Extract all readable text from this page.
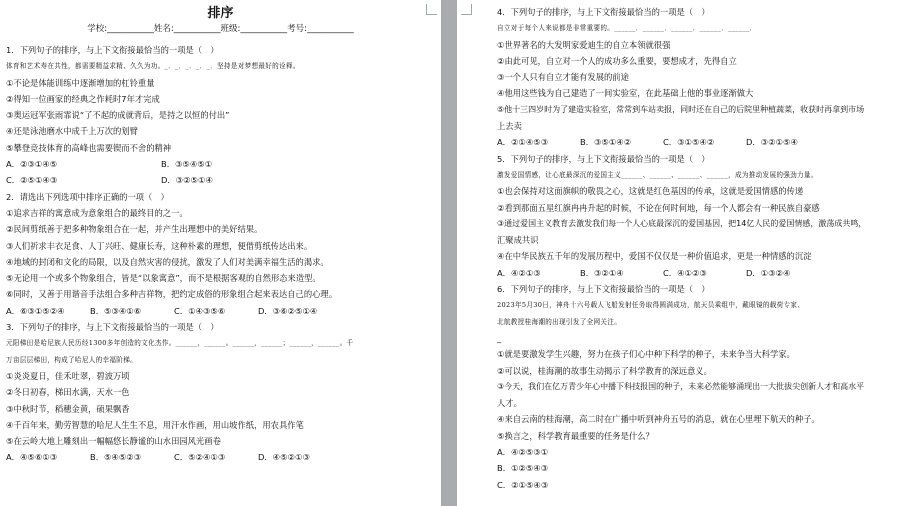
排序
学校:___________姓名:___________班级:___________考号:___________
1．下列句子的排序，与上下文衔接最恰当的一项是（　）
体育和艺术寿在共性，都需要精益求精、久久为功。_．_．_．_．_．坚持是对梦想最好的诠释。
①不论是体能训练中逐渐增加的杠铃重量
②得知一位画家的经典之作耗时7年才完成
③奥运冠军张雨霏说“了不起的成就背后，是持之以恒的付出”
④还是泳池磨水中成千上万次的划臂
⑤攀登竞技体育的高峰也需要锲而不舍的精神
A．②③①④⑤	B．③⑤④⑤①
C．②⑤①④③	D．③②⑤①④
2．请选出下列选项中排序正确的一项（　）
①追求吉祥的寓意成为意象组合的最终目的之一。
②民间剪纸善于把多种物象组合在一起，并产生出理想中的美好结果。
③人们祈求丰衣足食、人丁兴旺、健康长寿，这种朴素的理想，便借剪纸传达出来。
④地域的封闭和文化的局限，以及自然灾害的侵扰，激发了人们对美满幸福生活的渴求。
⑤无论用一个或多个物象组合，皆是“以象寓意”，而不是根据客观的自然形态来造型。
⑥同时，又善于用谐音手法组合多种吉祥物，把约定成俗的形象组合起来表达自己的心理。
A．⑥③①⑤②④	B．⑤③④①⑥	C．①④③⑤⑥	D．③⑥②⑤①④
3．下列句子的排序，与上下文衔接最恰当的一项是（　）
元阳梯田是哈尼族人民历经1300多年创造的文化杰作。______，______。______，______；______，______。千
万亩层层梯田，构成了哈尼人的幸福阶梯。
①炎炎夏日，佳禾吐翠，碧波万顷
②冬日初春，梯田水满，天水一色
③中秋时节，稻穗金黄，硕果飘香
④千百年来，勤劳智慧的哈尼人生生不息，用汗水作画，用山坡作纸，用农具作笔
⑤在云岭大地上雕刻出一幅幅悠长静谧的山水田园风光画卷
A．④⑤⑥①③	B．⑤④⑤②③	C．⑤②④①③	D．④⑤②①③
4．下列句子的排序，与上下文衔接最恰当的一项是（　）
自立对于每个人来说都是非常重要的。______．______．______．______．______．
①世界著名的大发明家爱迪生的自立本领就很强
②由此可见，自立对一个人的成功多么重要，要想成才，先得自立
③一个人只有自立才能有发展的前途
④他用这些钱为自己建造了一间实验室，在此基础上他的事业逐渐做大
⑤他十三四岁时为了建造实验室，常常到车站卖报，同时还在自己的后院里种植蔬菜，收获时再拿到市场
上去卖
A．②①④⑤③	B．③⑤①④②	C．③①⑤④②	D．③②①⑤④
5．下列句子的排序，与上下文衔接最恰当的一项是（　）
激发爱国情感，让心底最深沉的爱国主义______、______、______、______，成为推动发展的强劲力量。
①也会保持对这面旗帜的敬畏之心，这就是红色基因的传承，这就是爱国情感的传递
②看到那面五星红旗冉冉升起的时候，不论在何时何地，每一个人都会有一种民族自豪感
③通过爱国主义教育去激发我们每一个人心底最深沉的爱国基因，把14亿人民的爱国情感，激荡成共鸣，
汇聚成共识
④在中华民族五千年的发展历程中，爱国不仅仅是一种价值追求，更是一种情感的沉淀
A．④②①③	B．③②①④	C．④①②③	D．①③②④
6．下列句子的排序，与上下文衔接最恰当的一项是（　）
2023年5月30日，神舟十六号载人飞船发射任务取得圆满成功，航天员乘组中，戴眼镜的载荷专家、
北航教授桂海潮的出现引发了全网关注。
_
①就是要激发学生兴趣，努力在孩子们心中种下科学的种子，未来争当大科学家。
②可以说，桂海潮的故事生动揭示了科学教育的深远意义。
③今天，我们在亿万青少年心中播下科技报国的种子，未来必然能够涌现出一大批拔尖创新人才和高水平
人才。
④来自云南的桂海潮，高二时在广播中听到神舟五号的消息，就在心里埋下航天的种子。
⑤换言之，科学教育最重要的任务是什么？
A．④②⑤③①
B．①②⑤④③
C．②①⑤④③
